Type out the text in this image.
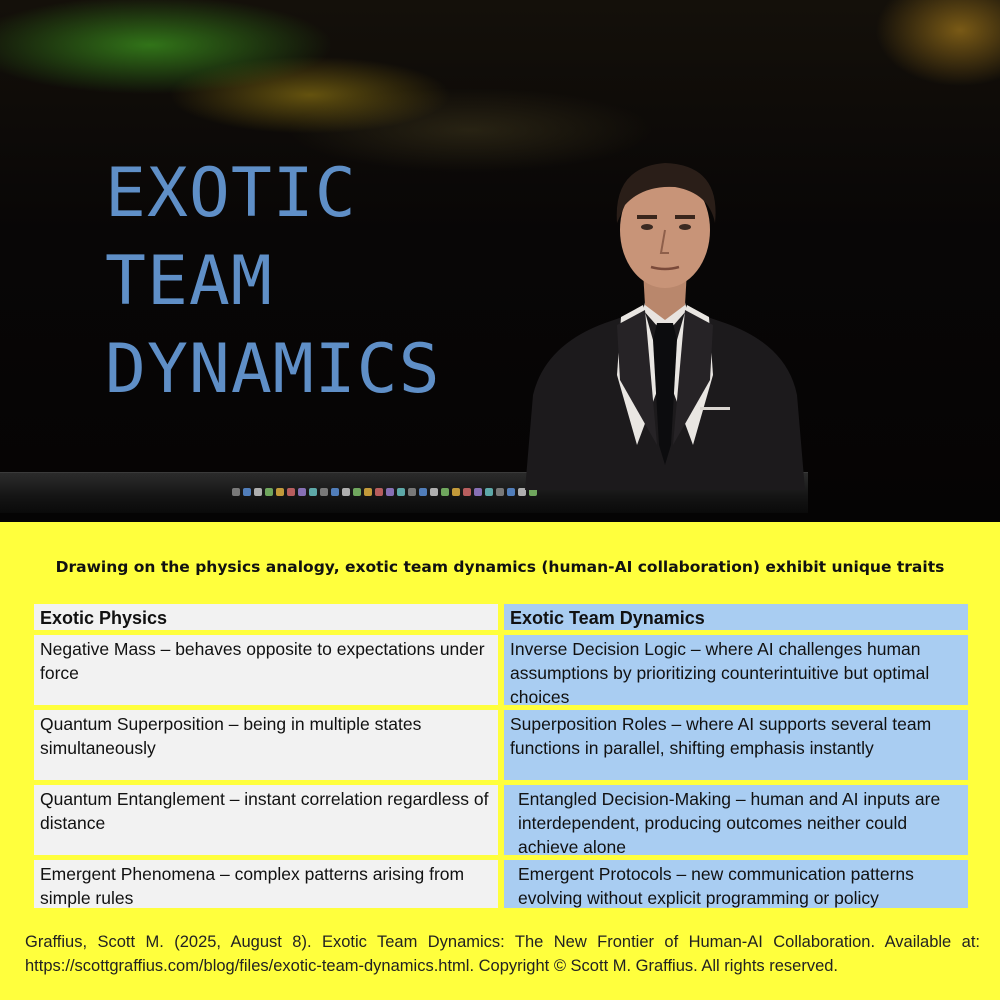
EXOTIC
TEAM
DYNAMICS

Drawing on the physics analogy, exotic team dynamics (human-AI collaboration) exhibit unique traits

Exotic Physics	Exotic Team Dynamics
Negative Mass – behaves opposite to expectations under force
Inverse Decision Logic – where AI challenges human assumptions by prioritizing counterintuitive but optimal choices
Quantum Superposition – being in multiple states simultaneously
Superposition Roles – where AI supports several team functions in parallel, shifting emphasis instantly
Quantum Entanglement – instant correlation regardless of distance
Entangled Decision-Making – human and AI inputs are interdependent, producing outcomes neither could achieve alone
Emergent Phenomena – complex patterns arising from simple rules
Emergent Protocols – new communication patterns evolving without explicit programming or policy

Graffius, Scott M. (2025, August 8). Exotic Team Dynamics: The New Frontier of Human-AI Collaboration. Available at: https://scottgraffius.com/blog/files/exotic-team-dynamics.html. Copyright © Scott M. Graffius. All rights reserved.
